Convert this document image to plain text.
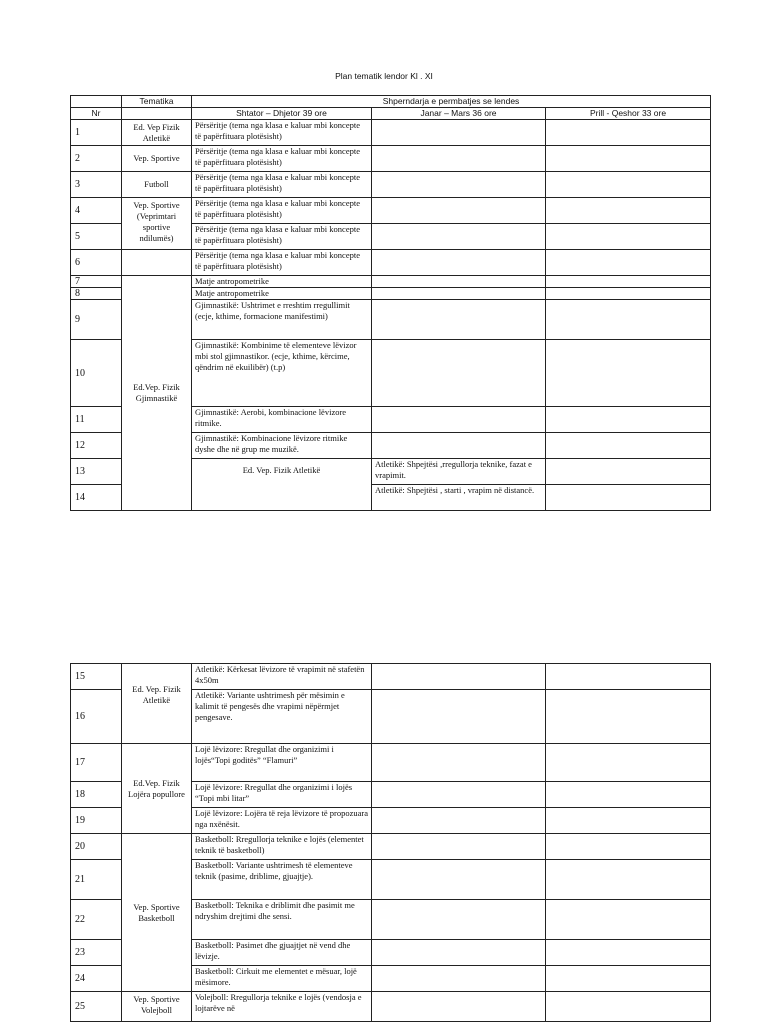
Plan tematik lendor Kl . XI
	Tematika	Shperndarja e permbatjes se lendes			
Nr		Shtator – Dhjetor 39 ore	Janar – Mars 36 ore	Prill - Qeshor 33 ore	
1	Ed. Vep Fizik Atletikë	Përsëritje (tema nga klasa e kaluar mbi koncepte të papërfituara plotësisht)			
2	Vep. Sportive	Përsëritje (tema nga klasa e kaluar mbi koncepte të papërfituara plotësisht)			
3	Futboll	Përsëritje (tema nga klasa e kaluar mbi koncepte të papërfituara plotësisht)			
4	Vep. Sportive (Veprimtari sportive ndilumës)	Përsëritje (tema nga klasa e kaluar mbi koncepte të papërfituara plotësisht)			
5		Përsëritje (tema nga klasa e kaluar mbi koncepte të papërfituara plotësisht)			
6		Përsëritje (tema nga klasa e kaluar mbi koncepte të papërfituara plotësisht)			
7	Ed.Vep. Fizik Gjimnastikë	Matje antropometrike			
8		Matje antropometrike			
9		Gjimnastikë: Ushtrimet e rreshtim rregullimit (ecje, kthime, formacione manifestimi)			
10		Gjimnastikë: Kombinime të elementeve lëvizor mbi stol gjimnastikor. (ecje, kthime, kërcime, qëndrim në ekuilibër) (t.p)			
11		Gjimnastikë: Aerobi, kombinacione lëvizore ritmike.			
12		Gjimnastikë: Kombinacione lëvizore ritmike dyshe dhe në grup me muzikë.			
13		Ed. Vep. Fizik Atletikë	Atletikë: Shpejtësi ,rregullorja teknike, fazat e vrapimit.		
14			Atletikë: Shpejtësi , starti , vrapim në distancë.		
15	Ed. Vep. Fizik Atletikë	Atletikë: Kërkesat lëvizore të vrapimit në stafetën 4x50m		
16		Atletikë: Variante ushtrimesh për mësimin e kalimit të pengesës dhe vrapimi nëpërmjet pengesave.		
17	Ed.Vep. Fizik Lojëra popullore	Lojë lëvizore: Rregullat dhe organizimi i lojës“Topi goditës” “Flamuri”		
18		Lojë lëvizore: Rregullat dhe organizimi i lojës “Topi mbi litar”		
19		Lojë lëvizore: Lojëra të reja lëvizore të propozuara nga nxënësit.		
20	Vep. Sportive Basketboll	Basketboll: Rregullorja teknike e lojës (elementet teknik të basketboll)		
21		Basketboll: Variante ushtrimesh të elementeve teknik (pasime, driblime, gjuajtje).		
22		Basketboll: Teknika e driblimit dhe pasimit me ndryshim drejtimi dhe sensi.		
23		Basketboll: Pasimet dhe gjuajtjet në vend dhe lëvizje.		
24		Basketboll: Cirkuit me elementet e mësuar, lojë mësimore.		
25	Vep. Sportive Volejboll	Volejboll: Rregullorja teknike e lojës (vendosja e lojtarëve në		
